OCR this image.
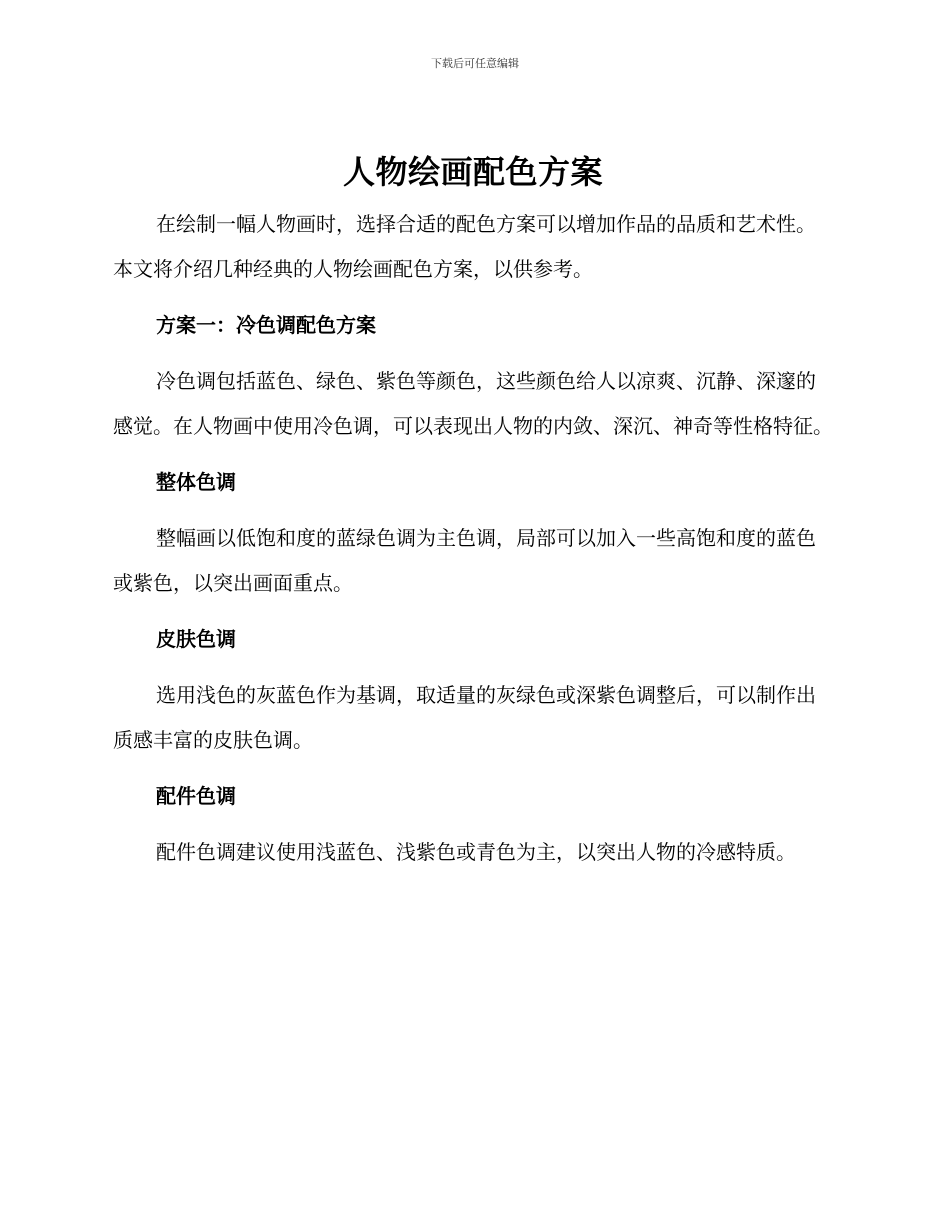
下载后可任意编辑
人物绘画配色方案

在绘制一幅人物画时，选择合适的配色方案可以增加作品的品质和艺术性。本文将介绍几种经典的人物绘画配色方案，以供参考。

方案一：冷色调配色方案

冷色调包括蓝色、绿色、紫色等颜色，这些颜色给人以凉爽、沉静、深邃的感觉。在人物画中使用冷色调，可以表现出人物的内敛、深沉、神奇等性格特征。

整体色调

整幅画以低饱和度的蓝绿色调为主色调，局部可以加入一些高饱和度的蓝色或紫色，以突出画面重点。

皮肤色调

选用浅色的灰蓝色作为基调，取适量的灰绿色或深紫色调整后，可以制作出质感丰富的皮肤色调。

配件色调

配件色调建议使用浅蓝色、浅紫色或青色为主，以突出人物的冷感特质。
